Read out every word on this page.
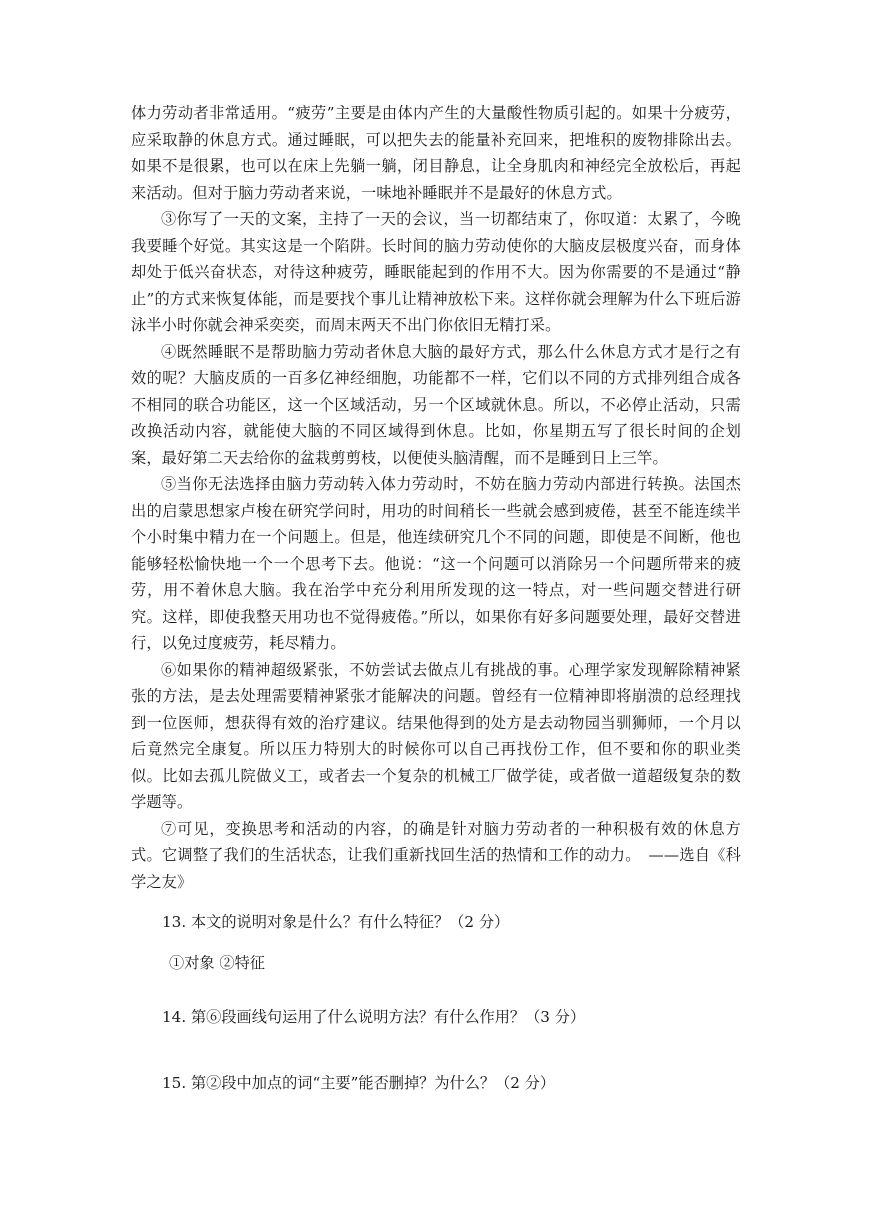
体力劳动者非常适用。“疲劳”主要是由体内产生的大量酸性物质引起的。如果十分疲劳，应采取静的休息方式。通过睡眠，可以把失去的能量补充回来，把堆积的废物排除出去。如果不是很累，也可以在床上先躺一躺，闭目静息，让全身肌肉和神经完全放松后，再起来活动。但对于脑力劳动者来说，一味地补睡眠并不是最好的休息方式。

③你写了一天的文案，主持了一天的会议，当一切都结束了，你叹道：太累了，今晚我要睡个好觉。其实这是一个陷阱。长时间的脑力劳动使你的大脑皮层极度兴奋，而身体却处于低兴奋状态，对待这种疲劳，睡眠能起到的作用不大。因为你需要的不是通过“静止”的方式来恢复体能，而是要找个事儿让精神放松下来。这样你就会理解为什么下班后游泳半小时你就会神采奕奕，而周末两天不出门你依旧无精打采。

④既然睡眠不是帮助脑力劳动者休息大脑的最好方式，那么什么休息方式才是行之有效的呢？大脑皮质的一百多亿神经细胞，功能都不一样，它们以不同的方式排列组合成各不相同的联合功能区，这一个区域活动，另一个区域就休息。所以，不必停止活动，只需改换活动内容，就能使大脑的不同区域得到休息。比如，你星期五写了很长时间的企划案，最好第二天去给你的盆栽剪剪枝，以便使头脑清醒，而不是睡到日上三竿。

⑤当你无法选择由脑力劳动转入体力劳动时，不妨在脑力劳动内部进行转换。法国杰出的启蒙思想家卢梭在研究学问时，用功的时间稍长一些就会感到疲倦，甚至不能连续半个小时集中精力在一个问题上。但是，他连续研究几个不同的问题，即使是不间断，他也能够轻松愉快地一个一个思考下去。他说：“这一个问题可以消除另一个问题所带来的疲劳，用不着休息大脑。我在治学中充分利用所发现的这一特点，对一些问题交替进行研究。这样，即使我整天用功也不觉得疲倦。”所以，如果你有好多问题要处理，最好交替进行，以免过度疲劳，耗尽精力。

⑥如果你的精神超级紧张，不妨尝试去做点儿有挑战的事。心理学家发现解除精神紧张的方法，是去处理需要精神紧张才能解决的问题。曾经有一位精神即将崩溃的总经理找到一位医师，想获得有效的治疗建议。结果他得到的处方是去动物园当驯狮师，一个月以后竟然完全康复。所以压力特别大的时候你可以自己再找份工作，但不要和你的职业类似。比如去孤儿院做义工，或者去一个复杂的机械工厂做学徒，或者做一道超级复杂的数学题等。

⑦可见，变换思考和活动的内容，的确是针对脑力劳动者的一种积极有效的休息方式。它调整了我们的生活状态，让我们重新找回生活的热情和工作的动力。　——选自《科学之友》

13. 本文的说明对象是什么？有什么特征？（2 分）

①对象 ②特征

14. 第⑥段画线句运用了什么说明方法？有什么作用？（3 分）

15. 第②段中加点的词“主要”能否删掉？为什么？（2 分）
